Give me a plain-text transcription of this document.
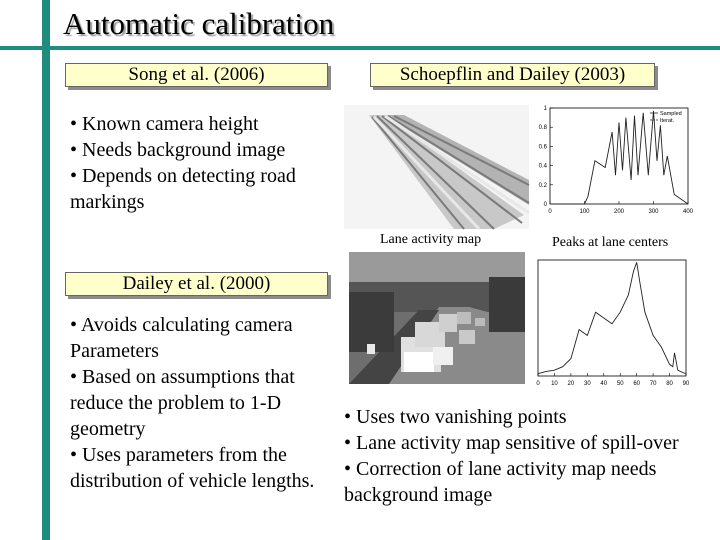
Automatic calibration
Song et al. (2006)
• Known camera height
• Needs background image
• Depends on detecting road
markings
Schoepflin and Dailey (2003)
Lane activity map
0	100	200	300	400
0
0.2
0.4
0.6
0.8
1
Sampled
Iterat.
Peaks at lane centers
Dailey et al. (2000)
• Avoids calculating camera
Parameters
• Based on assumptions that
reduce the problem to 1-D
geometry
• Uses parameters from the
distribution of vehicle lengths.
0 10 20 30 40 50 60 70 80 90
• Uses two vanishing points
• Lane activity map sensitive of spill-over
• Correction of lane activity map needs
background image
